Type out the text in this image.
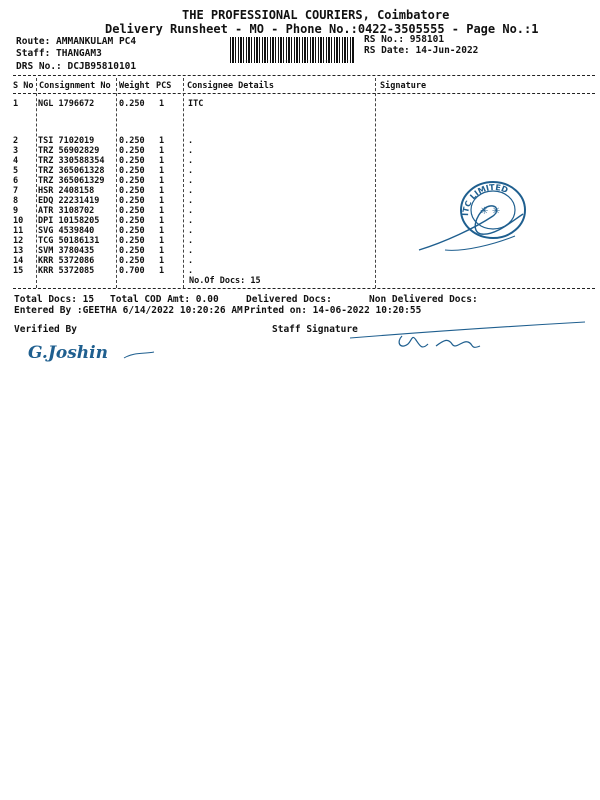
THE PROFESSIONAL COURIERS, Coimbatore
Delivery Runsheet - MO - Phone No.:0422-3505555 - Page No.:1
Route: AMMANKULAM PC4
Staff: THANGAM3
DRS No.: DCJB95810101
RS No.: 958101
RS Date: 14-Jun-2022
S No Consignment No Weight PCS Consignee Details	Signature
1 NGL 1796672	0.250 1	ITC
2 TSI 7102019	0.250 1	.
3 TRZ 56902829 0.250 1	.
4 TRZ 330588354 0.250 1	.
5 TRZ 365061328 0.250 1	.
6 TRZ 365061329 0.250 1	.
7 HSR 2408158	0.250 1	.
8 EDQ 22231419 0.250 1	.
9 ATR 3108702	0.250 1	.
10 DPI 10158205 0.250 1	.
11 SVG 4539840	0.250 1	.
12 TCG 50186131 0.250 1	.
13 SVM 3780435	0.250 1	.
14 KRR 5372086	0.250 1	.
15 KRR 5372085	0.700 1	.
No.Of Docs: 15
Total Docs: 15 Total COD Amt: 0.00	Delivered Docs:	Non Delivered Docs:
Entered By :GEETHA 6/14/2022 10:20:26 AM Printed on: 14-06-2022 10:20:55
Verified By	Staff Signature
ITC LIMITED
✳ ✳
G.Joshin
